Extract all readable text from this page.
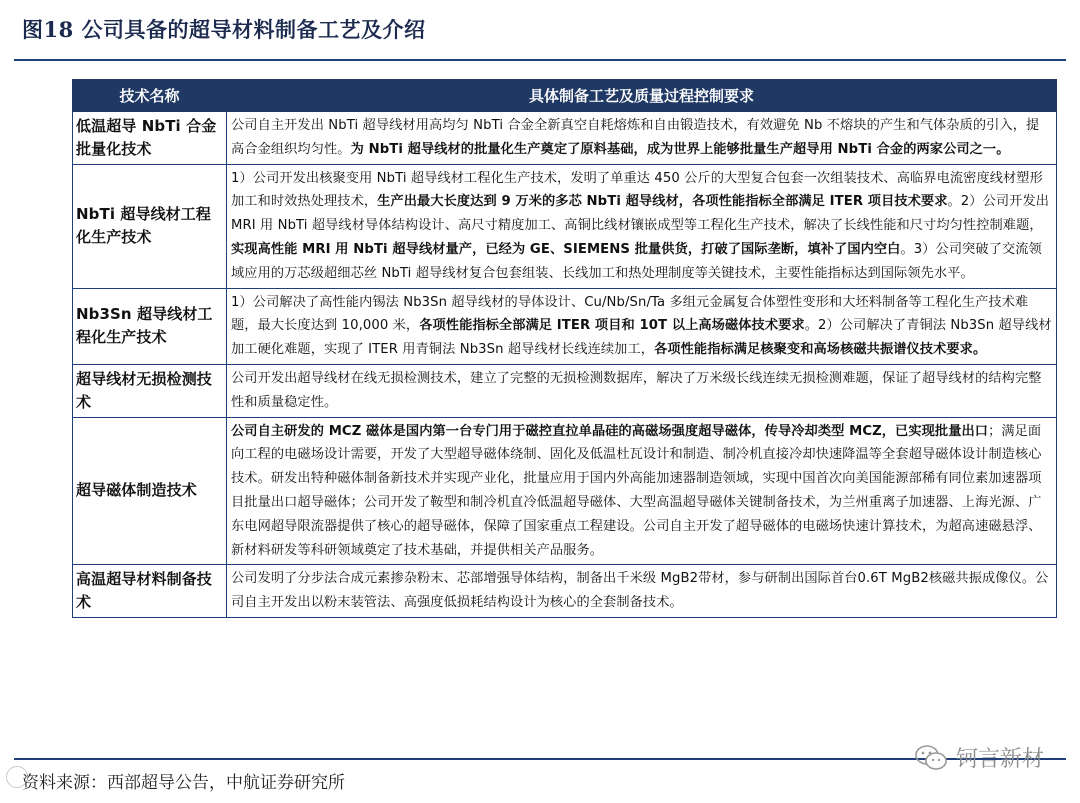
图18 公司具备的超导材料制备工艺及介绍
技术名称	具体制备工艺及质量过程控制要求
低温超导 NbTi 合金批量化技术	公司自主开发出 NbTi 超导线材用高均匀 NbTi 合金全新真空自耗熔炼和自由锻造技术，有效避免 Nb 不熔块的产生和气体杂质的引入，提高合金组织均匀性。为 NbTi 超导线材的批量化生产奠定了原料基础，成为世界上能够批量生产超导用 NbTi 合金的两家公司之一。
NbTi 超导线材工程化生产技术	1）公司开发出核聚变用 NbTi 超导线材工程化生产技术，发明了单重达 450 公斤的大型复合包套一次组装技术、高临界电流密度线材塑形加工和时效热处理技术，生产出最大长度达到 9 万米的多芯 NbTi 超导线材，各项性能指标全部满足 ITER 项目技术要求。2）公司开发出 MRI 用 NbTi 超导线材导体结构设计、高尺寸精度加工、高铜比线材镶嵌成型等工程化生产技术，解决了长线性能和尺寸均匀性控制难题，实现高性能 MRI 用 NbTi 超导线材量产，已经为 GE、SIEMENS 批量供货，打破了国际垄断，填补了国内空白。3）公司突破了交流领域应用的万芯级超细芯丝 NbTi 超导线材复合包套组装、长线加工和热处理制度等关键技术，主要性能指标达到国际领先水平。
Nb3Sn 超导线材工程化生产技术	1）公司解决了高性能内锡法 Nb3Sn 超导线材的导体设计、Cu/Nb/Sn/Ta 多组元金属复合体塑性变形和大坯料制备等工程化生产技术难题，最大长度达到 10,000 米，各项性能指标全部满足 ITER 项目和 10T 以上高场磁体技术要求。2）公司解决了青铜法 Nb3Sn 超导线材加工硬化难题，实现了 ITER 用青铜法 Nb3Sn 超导线材长线连续加工，各项性能指标满足核聚变和高场核磁共振谱仪技术要求。
超导线材无损检测技术	公司开发出超导线材在线无损检测技术，建立了完整的无损检测数据库，解决了万米级长线连续无损检测难题，保证了超导线材的结构完整性和质量稳定性。
超导磁体制造技术	公司自主研发的 MCZ 磁体是国内第一台专门用于磁控直拉单晶硅的高磁场强度超导磁体，传导冷却类型 MCZ，已实现批量出口；满足面向工程的电磁场设计需要，开发了大型超导磁体绕制、固化及低温杜瓦设计和制造、制冷机直接冷却快速降温等全套超导磁体设计制造核心技术。研发出特种磁体制备新技术并实现产业化，批量应用于国内外高能加速器制造领域，实现中国首次向美国能源部稀有同位素加速器项目批量出口超导磁体；公司开发了鞍型和制冷机直冷低温超导磁体、大型高温超导磁体关键制备技术，为兰州重离子加速器、上海光源、广东电网超导限流器提供了核心的超导磁体，保障了国家重点工程建设。公司自主开发了超导磁体的电磁场快速计算技术，为超高速磁悬浮、新材料研发等科研领域奠定了技术基础，并提供相关产品服务。
高温超导材料制备技术	公司发明了分步法合成元素掺杂粉末、芯部增强导体结构，制备出千米级 MgB2带材，参与研制出国际首台0.6T MgB2核磁共振成像仪。公司自主开发出以粉末装管法、高强度低损耗结构设计为核心的全套制备技术。
资料来源：西部超导公告，中航证券研究所
钶言新材
